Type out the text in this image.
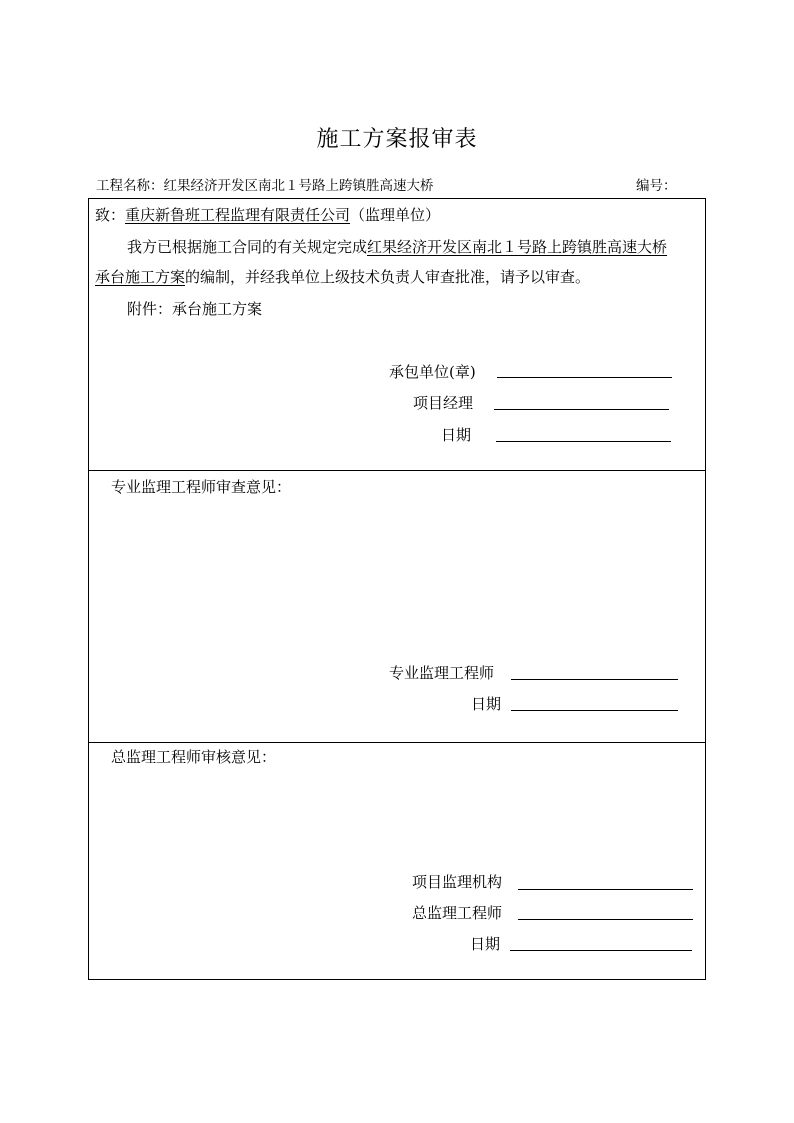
施工方案报审表
工程名称：红果经济开发区南北１号路上跨镇胜高速大桥	编号：
致：重庆新鲁班工程监理有限责任公司（监理单位）
我方已根据施工合同的有关规定完成红果经济开发区南北１号路上跨镇胜高速大桥
承台施工方案的编制，并经我单位上级技术负责人审查批准，请予以审查。
附件：承台施工方案
承包单位(章)
项目经理
日期
专业监理工程师审查意见：
专业监理工程师
日期
总监理工程师审核意见：
项目监理机构
总监理工程师
日期
